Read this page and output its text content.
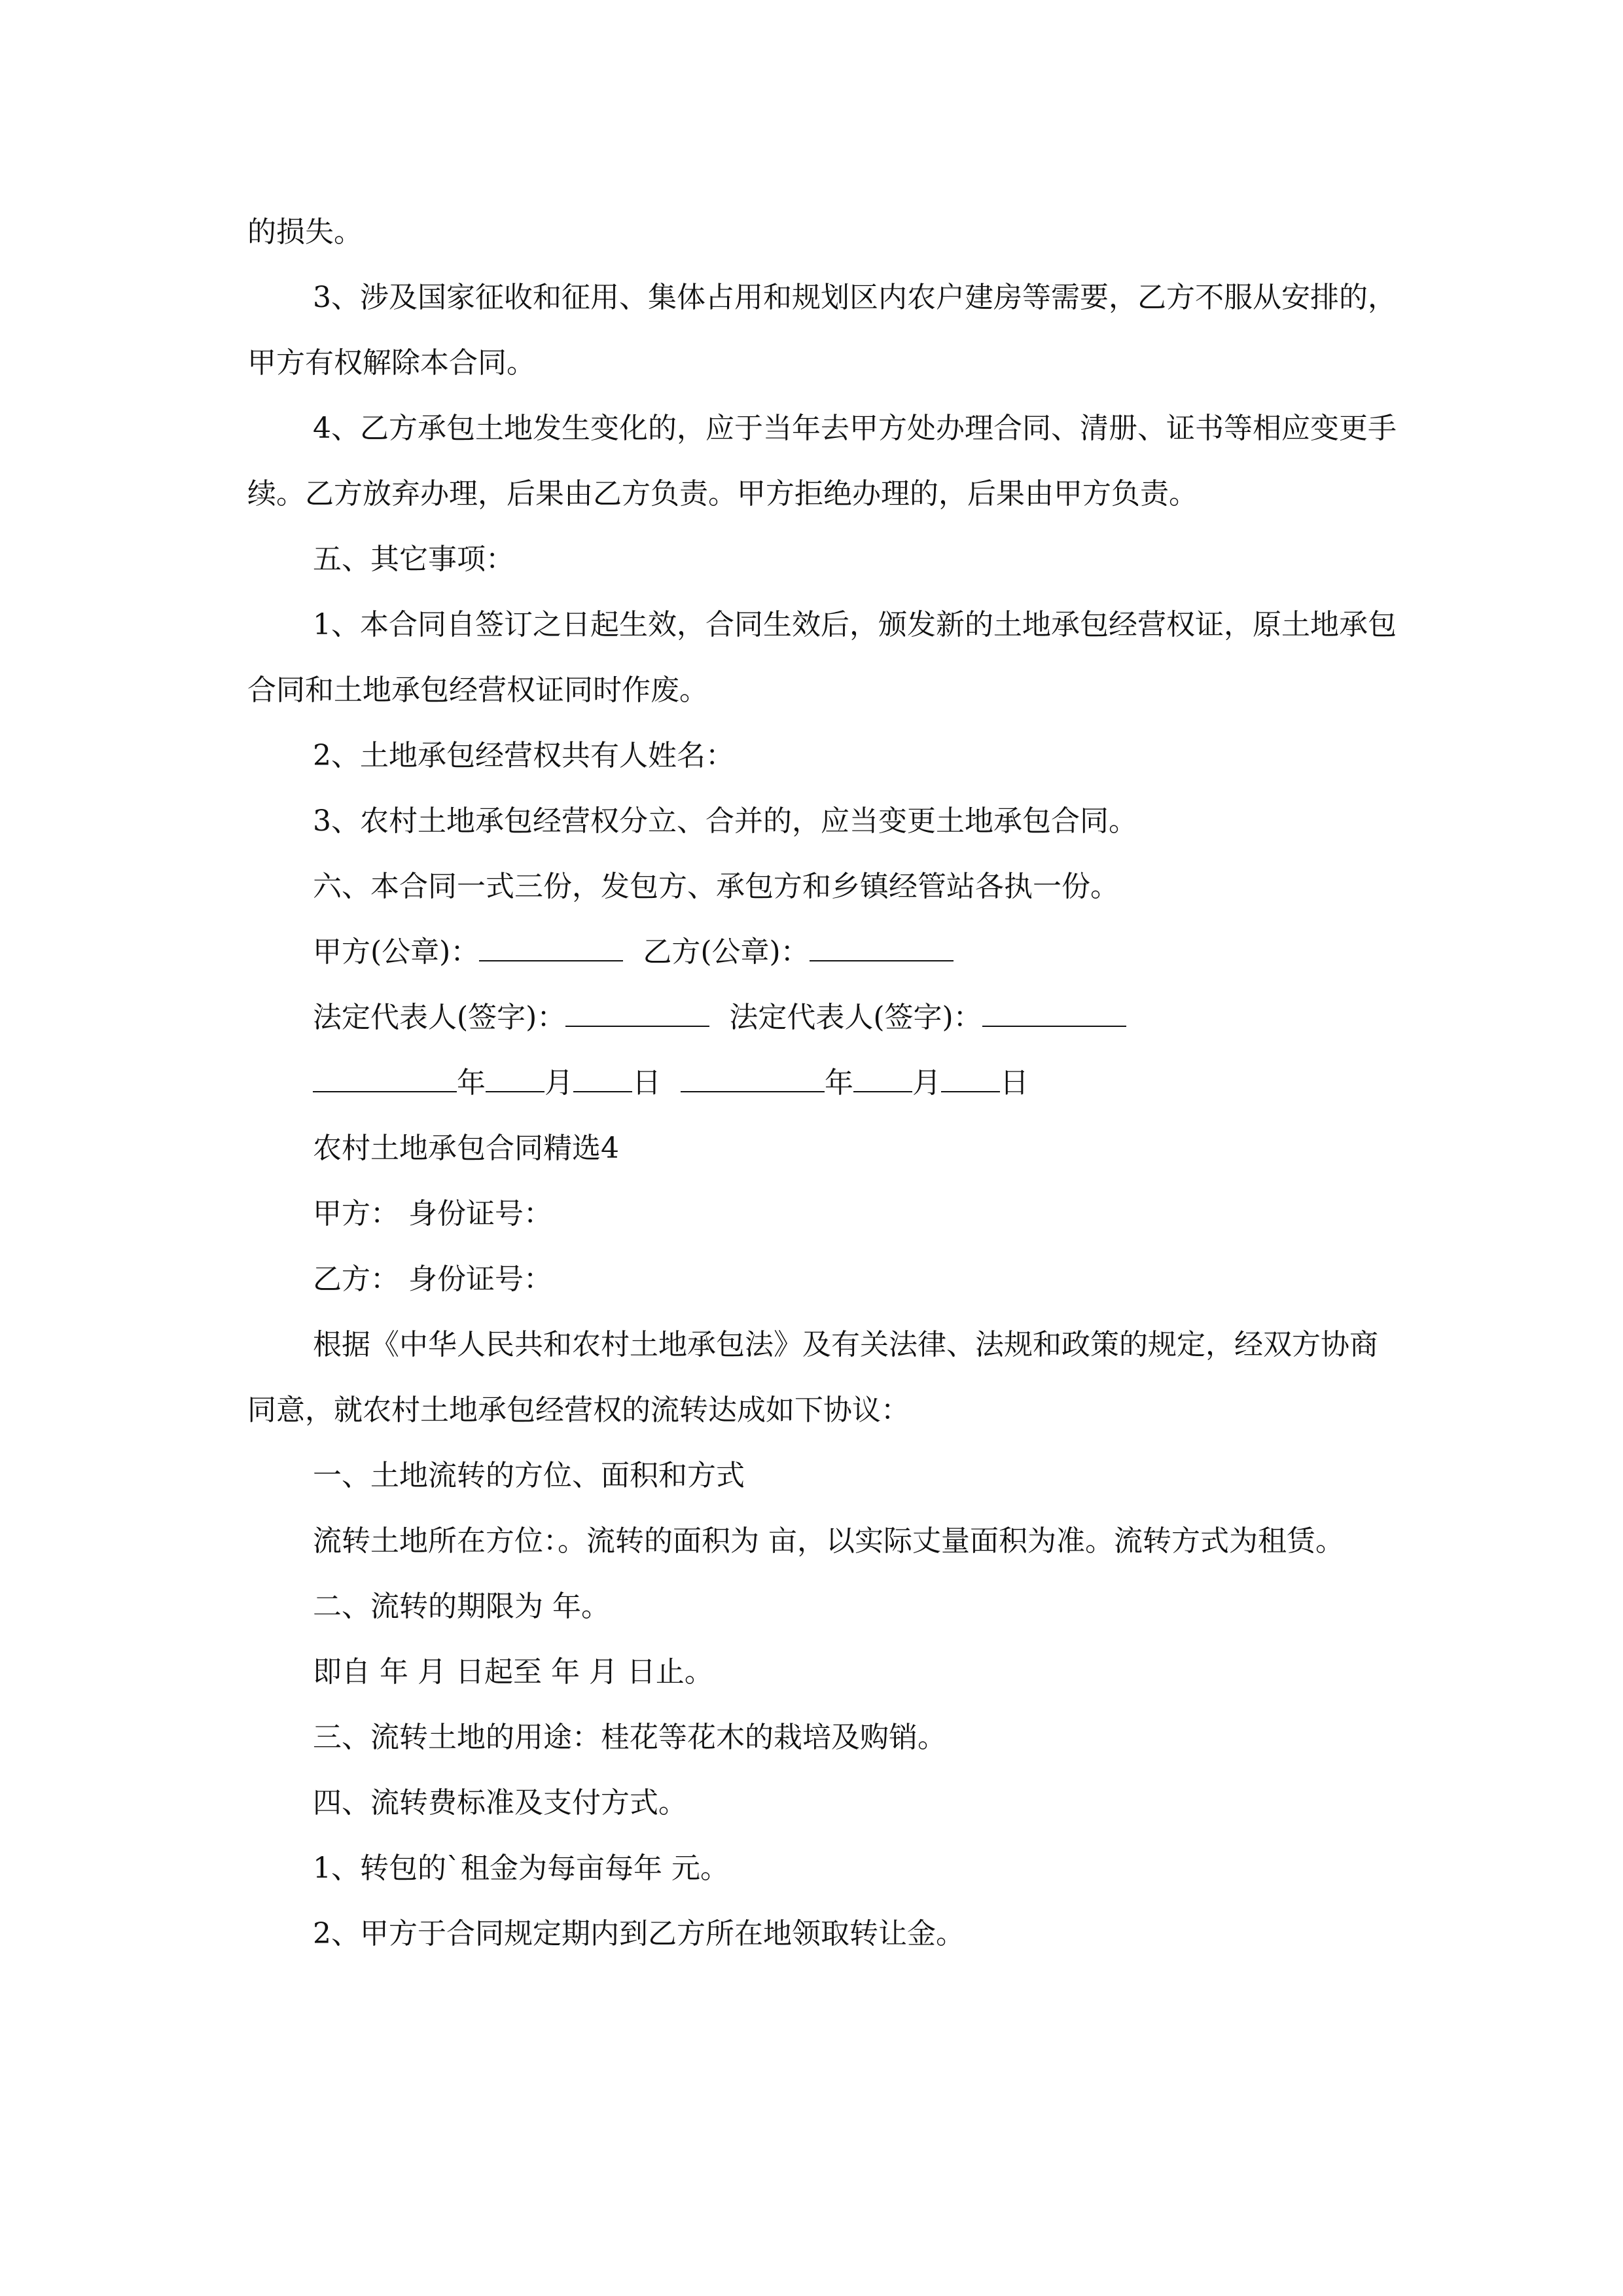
的损失。

3、涉及国家征收和征用、集体占用和规划区内农户建房等需要，乙方不服从安排的，甲方有权解除本合同。

4、乙方承包土地发生变化的，应于当年去甲方处办理合同、清册、证书等相应变更手续。乙方放弃办理，后果由乙方负责。甲方拒绝办理的，后果由甲方负责。

五、其它事项：

1、本合同自签订之日起生效，合同生效后，颁发新的土地承包经营权证，原土地承包合同和土地承包经营权证同时作废。

2、土地承包经营权共有人姓名：

3、农村土地承包经营权分立、合并的，应当变更土地承包合同。

六、本合同一式三份，发包方、承包方和乡镇经管站各执一份。

甲方(公章)：	乙方(公章)：
法定代表人(签字)：	法定代表人(签字)：
年 月 日	年 月 日

农村土地承包合同精选4

甲方： 身份证号：

乙方： 身份证号：

根据《中华人民共和农村土地承包法》及有关法律、法规和政策的规定，经双方协商同意，就农村土地承包经营权的流转达成如下协议：

一、土地流转的方位、面积和方式

流转土地所在方位：。流转的面积为 亩，以实际丈量面积为准。流转方式为租赁。

二、流转的期限为 年。

即自 年 月 日起至 年 月 日止。

三、流转土地的用途：桂花等花木的栽培及购销。

四、流转费标准及支付方式。

1、转包的`租金为每亩每年 元。

2、甲方于合同规定期内到乙方所在地领取转让金。
